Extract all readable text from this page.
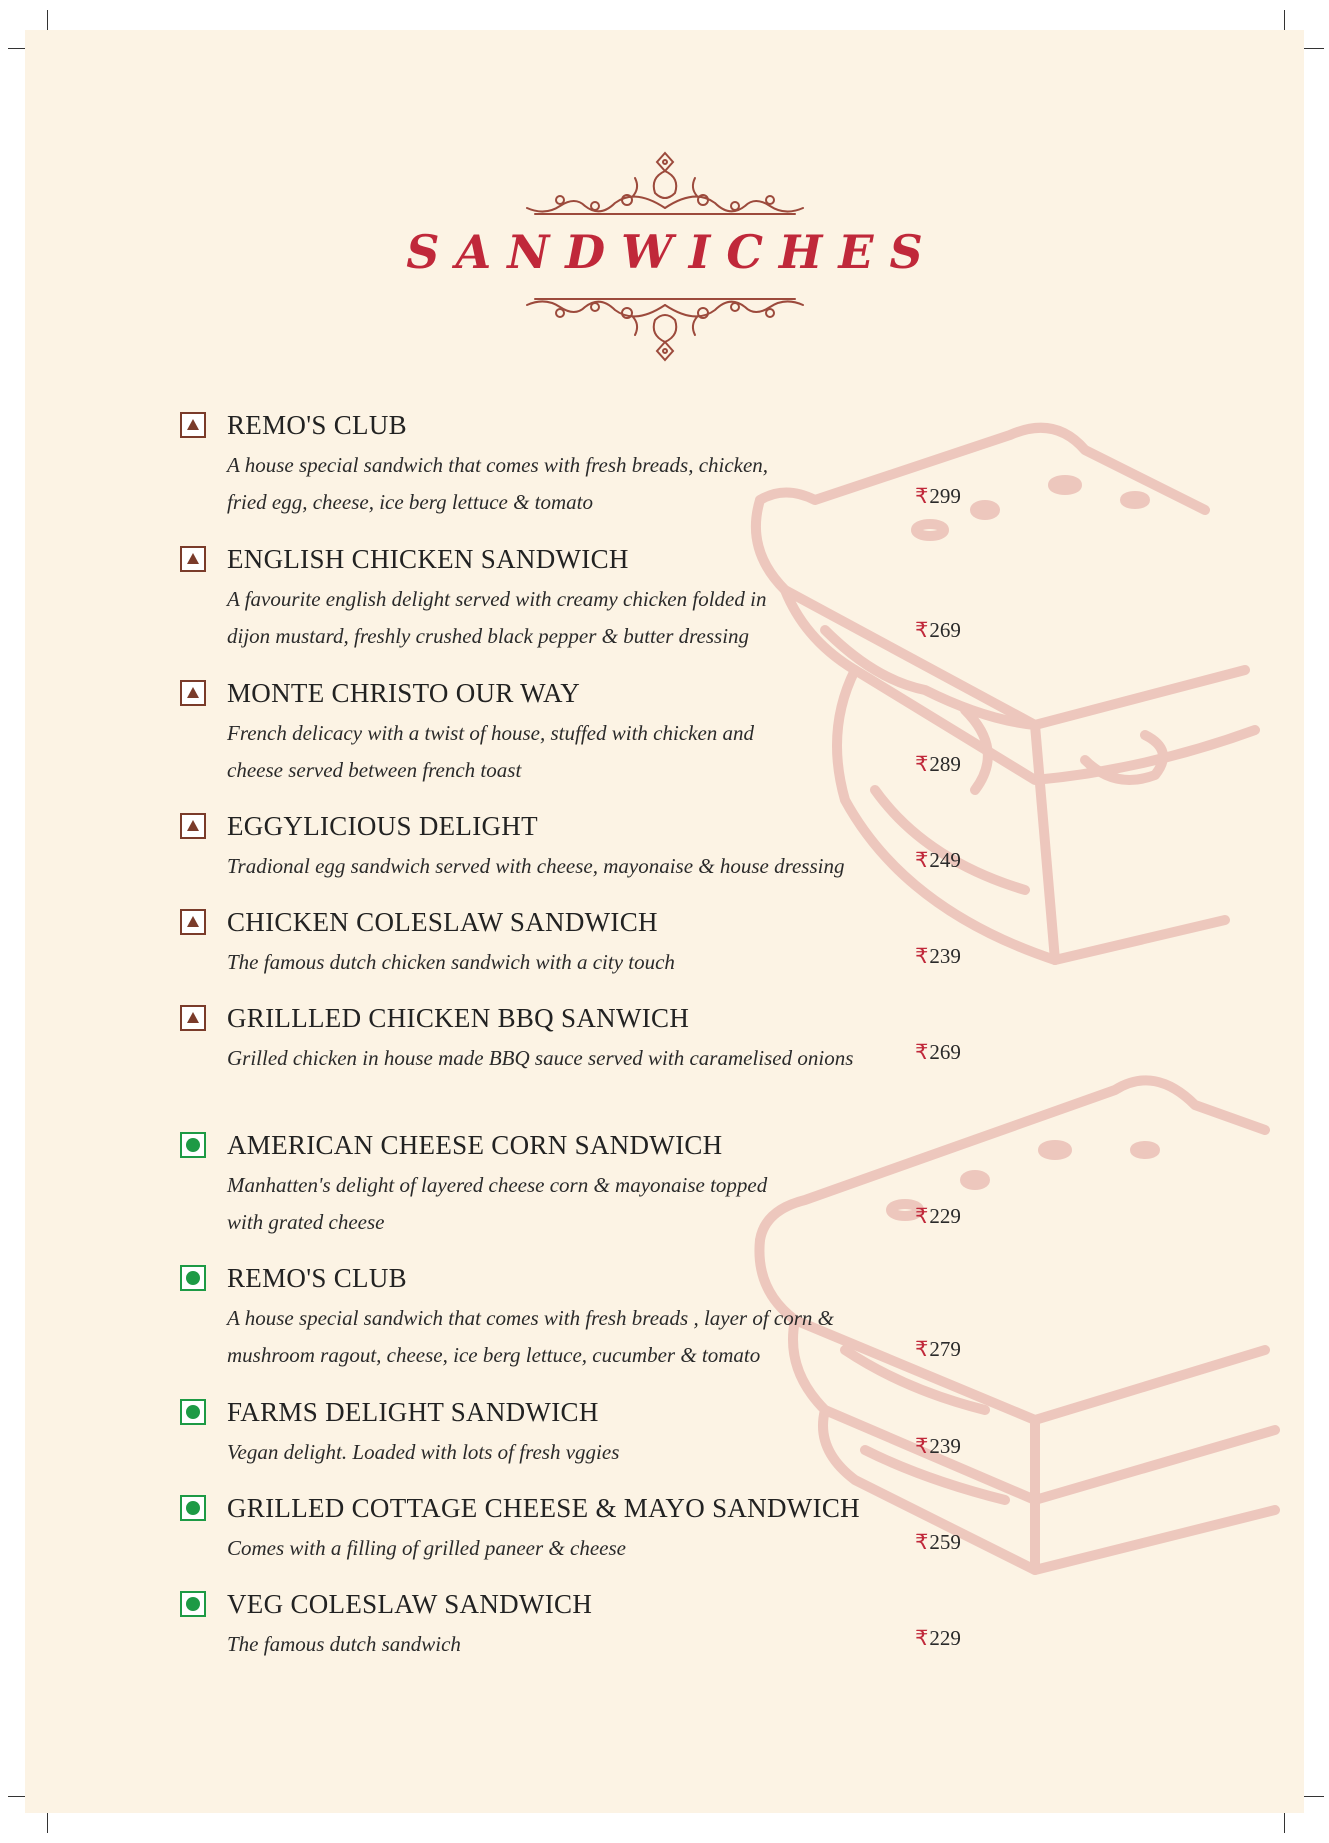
SANDWICHES
REMO'S CLUB
A house special sandwich that comes with fresh breads, chicken,
fried egg, cheese, ice berg lettuce & tomato	₹299
ENGLISH CHICKEN SANDWICH
A favourite english delight served with creamy chicken folded in
dijon mustard, freshly crushed black pepper & butter dressing	₹269
MONTE CHRISTO OUR WAY
French delicacy with a twist of house, stuffed with chicken and
cheese served between french toast	₹289
EGGYLICIOUS DELIGHT
Tradional egg sandwich served with cheese, mayonaise & house dressing	₹249
CHICKEN COLESLAW SANDWICH
The famous dutch chicken sandwich with a city touch	₹239
GRILLLED CHICKEN BBQ SANWICH
Grilled chicken in house made BBQ sauce served with caramelised onions	₹269
AMERICAN CHEESE CORN SANDWICH
Manhatten's delight of layered cheese corn & mayonaise topped
with grated cheese	₹229
REMO'S CLUB
A house special sandwich that comes with fresh breads , layer of corn &
mushroom ragout, cheese, ice berg lettuce, cucumber & tomato	₹279
FARMS DELIGHT SANDWICH
Vegan delight. Loaded with lots of fresh vggies	₹239
GRILLED COTTAGE CHEESE & MAYO SANDWICH
Comes with a filling of grilled paneer & cheese	₹259
VEG COLESLAW SANDWICH
The famous dutch sandwich	₹229
